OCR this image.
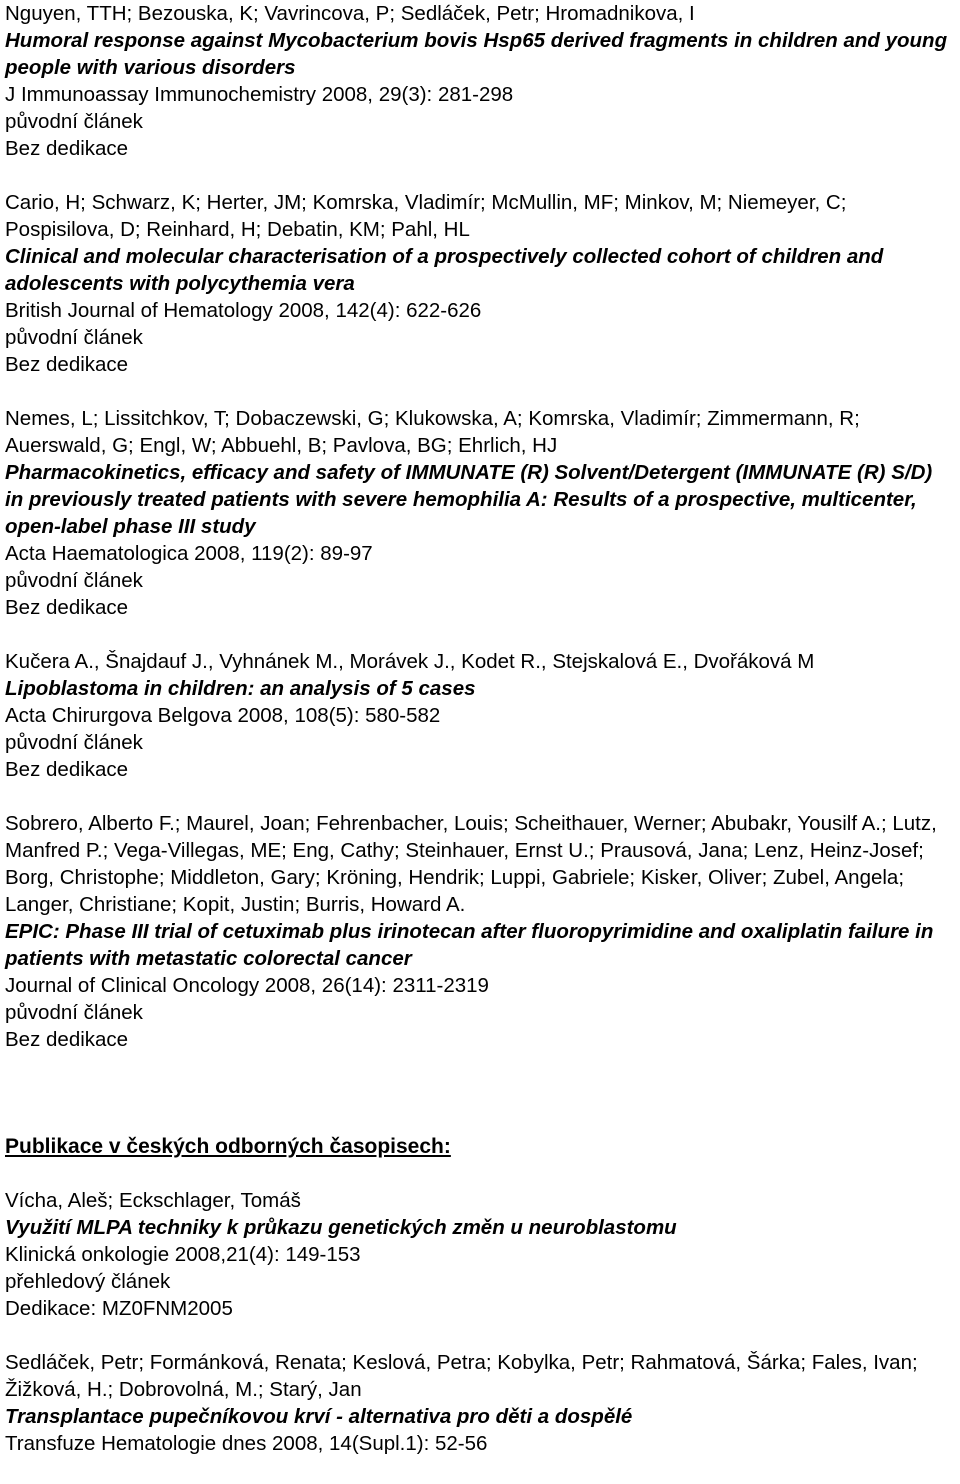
Nguyen, TTH; Bezouska, K; Vavrincova, P; Sedláček, Petr; Hromadnikova, I
Humoral response against Mycobacterium bovis Hsp65 derived fragments in children and young people with various disorders
J Immunoassay Immunochemistry 2008, 29(3): 281-298
původní článek
Bez dedikace
Cario, H; Schwarz, K; Herter, JM; Komrska, Vladimír; McMullin, MF; Minkov, M; Niemeyer, C; Pospisilova, D; Reinhard, H; Debatin, KM; Pahl, HL
Clinical and molecular characterisation of a prospectively collected cohort of children and adolescents with polycythemia vera
British Journal of Hematology 2008, 142(4): 622-626
původní článek
Bez dedikace
Nemes, L; Lissitchkov, T; Dobaczewski, G; Klukowska, A; Komrska, Vladimír; Zimmermann, R; Auerswald, G; Engl, W; Abbuehl, B; Pavlova, BG; Ehrlich, HJ
Pharmacokinetics, efficacy and safety of IMMUNATE (R) Solvent/Detergent (IMMUNATE (R) S/D) in previously treated patients with severe hemophilia A: Results of a prospective, multicenter, open-label phase III study
Acta Haematologica 2008, 119(2): 89-97
původní článek
Bez dedikace
Kučera A., Šnajdauf J., Vyhnánek M., Morávek J., Kodet R., Stejskalová E., Dvořáková M
Lipoblastoma in children: an analysis of 5 cases
Acta Chirurgova Belgova 2008, 108(5): 580-582
původní článek
Bez dedikace
Sobrero, Alberto F.; Maurel, Joan; Fehrenbacher, Louis; Scheithauer, Werner; Abubakr, Yousilf A.; Lutz, Manfred P.; Vega-Villegas, ME; Eng, Cathy; Steinhauer, Ernst U.; Prausová, Jana; Lenz, Heinz-Josef; Borg, Christophe; Middleton, Gary; Kröning, Hendrik; Luppi, Gabriele; Kisker, Oliver; Zubel, Angela; Langer, Christiane; Kopit, Justin; Burris, Howard A.
EPIC: Phase III trial of cetuximab plus irinotecan after fluoropyrimidine and oxaliplatin failure in patients with metastatic colorectal cancer
Journal of Clinical Oncology 2008, 26(14): 2311-2319
původní článek
Bez dedikace
Publikace v českých odborných časopisech:
Vícha, Aleš; Eckschlager, Tomáš
Využití MLPA techniky k průkazu genetických změn u neuroblastomu
Klinická onkologie 2008,21(4): 149-153
přehledový článek
Dedikace: MZ0FNM2005
Sedláček, Petr; Formánková, Renata; Keslová, Petra; Kobylka, Petr; Rahmatová, Šárka; Fales, Ivan; Žižková, H.; Dobrovolná, M.; Starý, Jan
Transplantace pupečníkovou krví - alternativa pro děti a dospělé
Transfuze Hematologie dnes 2008, 14(Supl.1): 52-56
